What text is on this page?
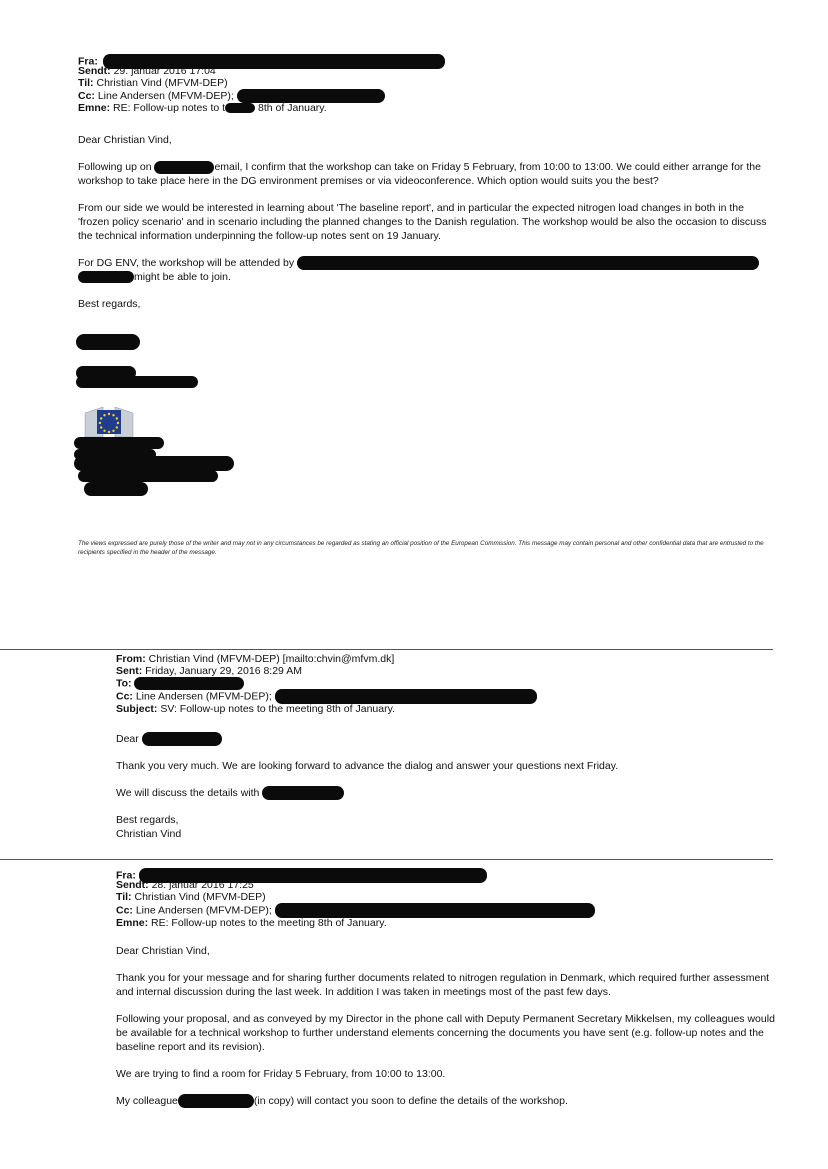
Fra:
Sendt: 29. januar 2016 17:04
Til: Christian Vind (MFVM-DEP)
Cc: Line Andersen (MFVM-DEP);
Emne: RE: Follow-up notes to t	8th of January.

Dear Christian Vind,

Following up on	email, I confirm that the workshop can take on Friday 5 February, from 10:00 to 13:00. We could either arrange for the workshop to take place here in the DG environment premises or via videoconference. Which option would suits you the best?

From our side we would be interested in learning about 'The baseline report', and in particular the expected nitrogen load changes in both in the 'frozen policy scenario' and in scenario including the planned changes to the Danish regulation. The workshop would be also the occasion to discuss the technical information underpinning the follow-up notes sent on 19 January.

For DG ENV, the workshop will be attended by
might be able to join.

Best regards,

The views expressed are purely those of the writer and may not in any circumstances be regarded as stating an official position of the European Commission. This message may contain personal and other confidential data that are entrusted to the recipients specified in the header of the message.
From: Christian Vind (MFVM-DEP) [mailto:chvin@mfvm.dk]
Sent: Friday, January 29, 2016 8:29 AM
To:
Cc: Line Andersen (MFVM-DEP);
Subject: SV: Follow-up notes to the meeting 8th of January.

Dear

Thank you very much. We are looking forward to advance the dialog and answer your questions next Friday.

We will discuss the details with

Best regards,
Christian Vind

Fra:
Sendt: 28. januar 2016 17:25
Til: Christian Vind (MFVM-DEP)
Cc: Line Andersen (MFVM-DEP);
Emne: RE: Follow-up notes to the meeting 8th of January.

Dear Christian Vind,

Thank you for your message and for sharing further documents related to nitrogen regulation in Denmark, which required further assessment and internal discussion during the last week. In addition I was taken in meetings most of the past few days.

Following your proposal, and as conveyed by my Director in the phone call with Deputy Permanent Secretary Mikkelsen, my colleagues would be available for a technical workshop to further understand elements concerning the documents you have sent (e.g. follow-up notes and the baseline report and its revision).

We are trying to find a room for Friday 5 February, from 10:00 to 13:00.

My colleague	(in copy) will contact you soon to define the details of the workshop.
